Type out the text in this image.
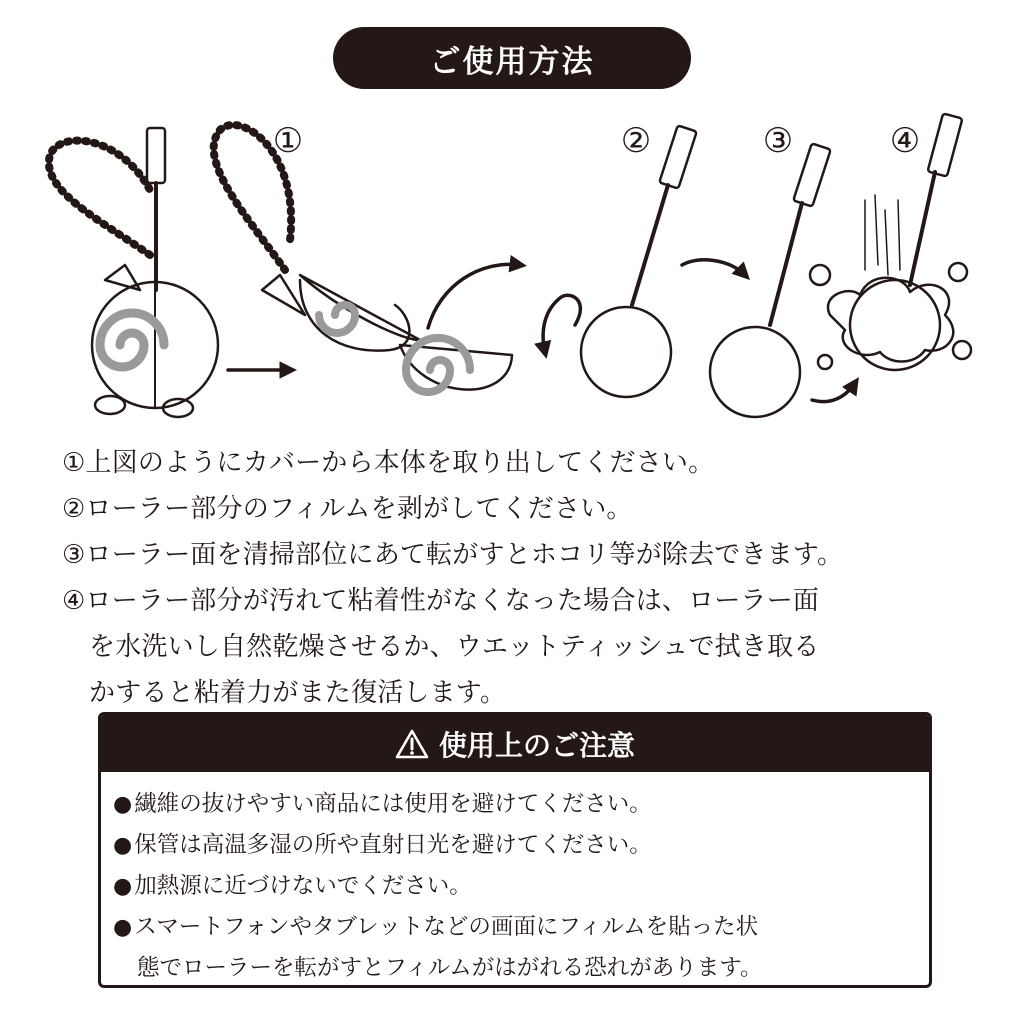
ご使用方法
①	②	③	④
①上図のようにカバーから本体を取り出してください。
②ローラー部分のフィルムを剥がしてください。
③ローラー面を清掃部位にあて転がすとホコリ等が除去できます。
④ローラー部分が汚れて粘着性がなくなった場合は、ローラー面
を水洗いし自然乾燥させるか、ウエットティッシュで拭き取る
かすると粘着力がまた復活します。
使用上のご注意
●繊維の抜けやすい商品には使用を避けてください。
●保管は高温多湿の所や直射日光を避けてください。
●加熱源に近づけないでください。
●スマートフォンやタブレットなどの画面にフィルムを貼った状
態でローラーを転がすとフィルムがはがれる恐れがあります。
